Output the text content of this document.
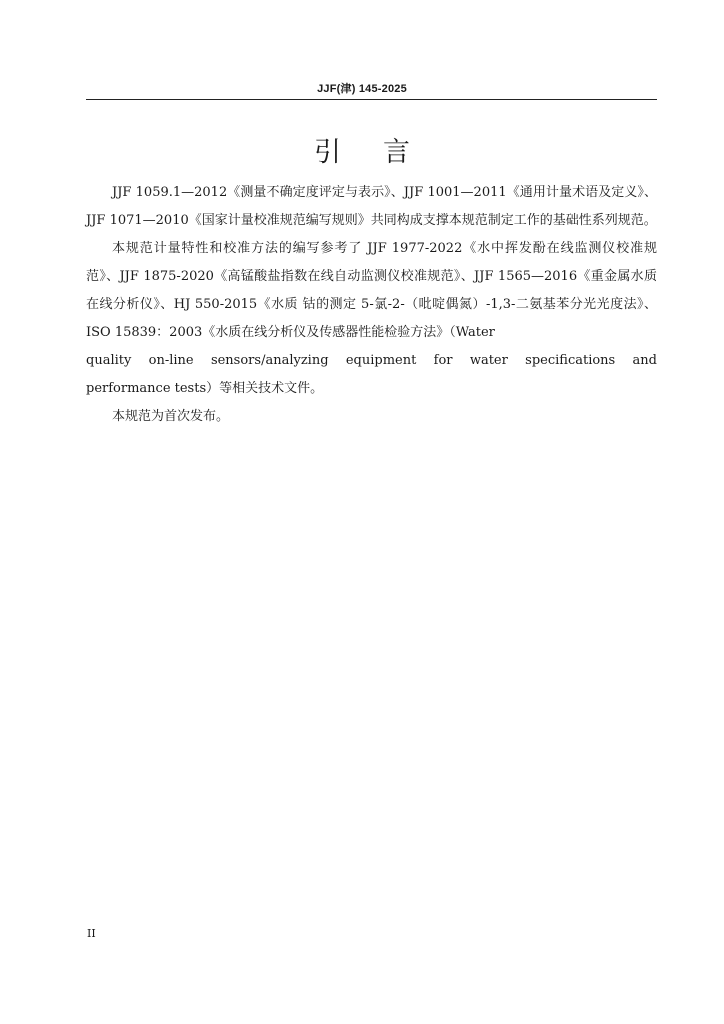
JJF(津) 145-2025
引言

JJF 1059.1—2012《测量不确定度评定与表示》、JJF 1001—2011《通用计量术语及定义》、JJF 1071—2010《国家计量校准规范编写规则》共同构成支撑本规范制定工作的基础性系列规范。

本规范计量特性和校准方法的编写参考了 JJF 1977-2022《水中挥发酚在线监测仪校准规范》、JJF 1875-2020《高锰酸盐指数在线自动监测仪校准规范》、JJF 1565—2016《重金属水质在线分析仪》、HJ 550-2015《水质 钴的测定 5-氯-2-（吡啶偶氮）-1,3-二氨基苯分光光度法》、ISO 15839：2003《水质在线分析仪及传感器性能检验方法》（Water

quality on-line sensors/analyzing equipment for water specifications and

performance tests）等相关技术文件。

本规范为首次发布。

II
